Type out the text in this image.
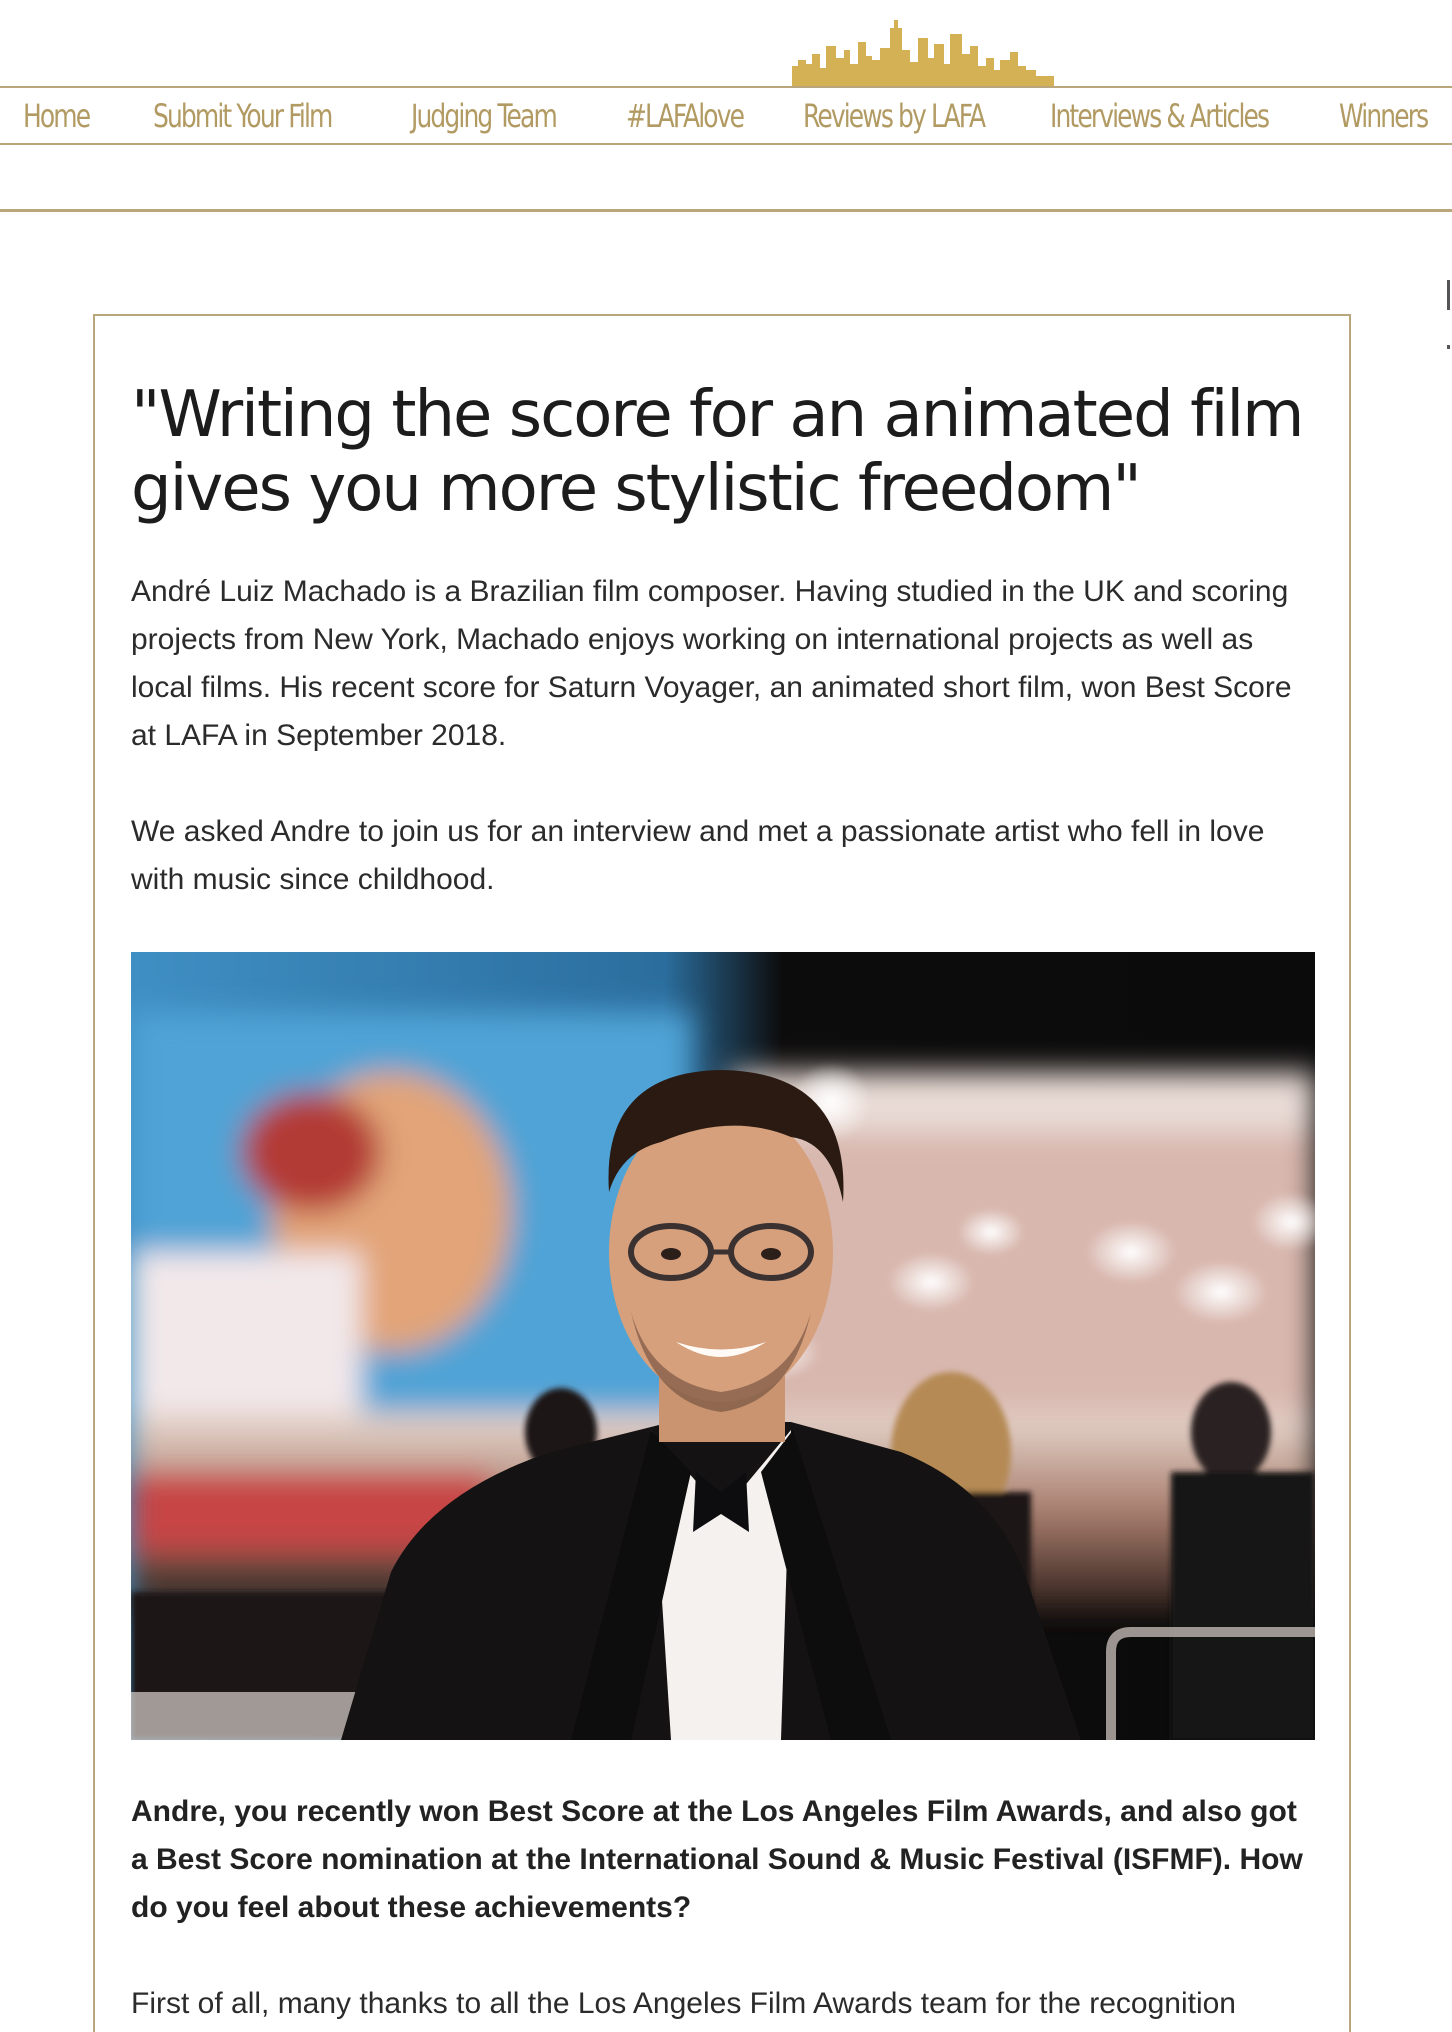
Home Submit Your Film Judging Team #LAFAlove Reviews by LAFA Interviews & Articles Winners
"Writing the score for an animated film gives you more stylistic freedom"

André Luiz Machado is a Brazilian film composer. Having studied in the UK and scoring projects from New York, Machado enjoys working on international projects as well as local films. His recent score for Saturn Voyager, an animated short film, won Best Score at LAFA in September 2018.

We asked Andre to join us for an interview and met a passionate artist who fell in love with music since childhood.

Andre, you recently won Best Score at the Los Angeles Film Awards, and also got a Best Score nomination at the International Sound & Music Festival (ISFMF). How do you feel about these achievements?

First of all, many thanks to all the Los Angeles Film Awards team for the recognition
